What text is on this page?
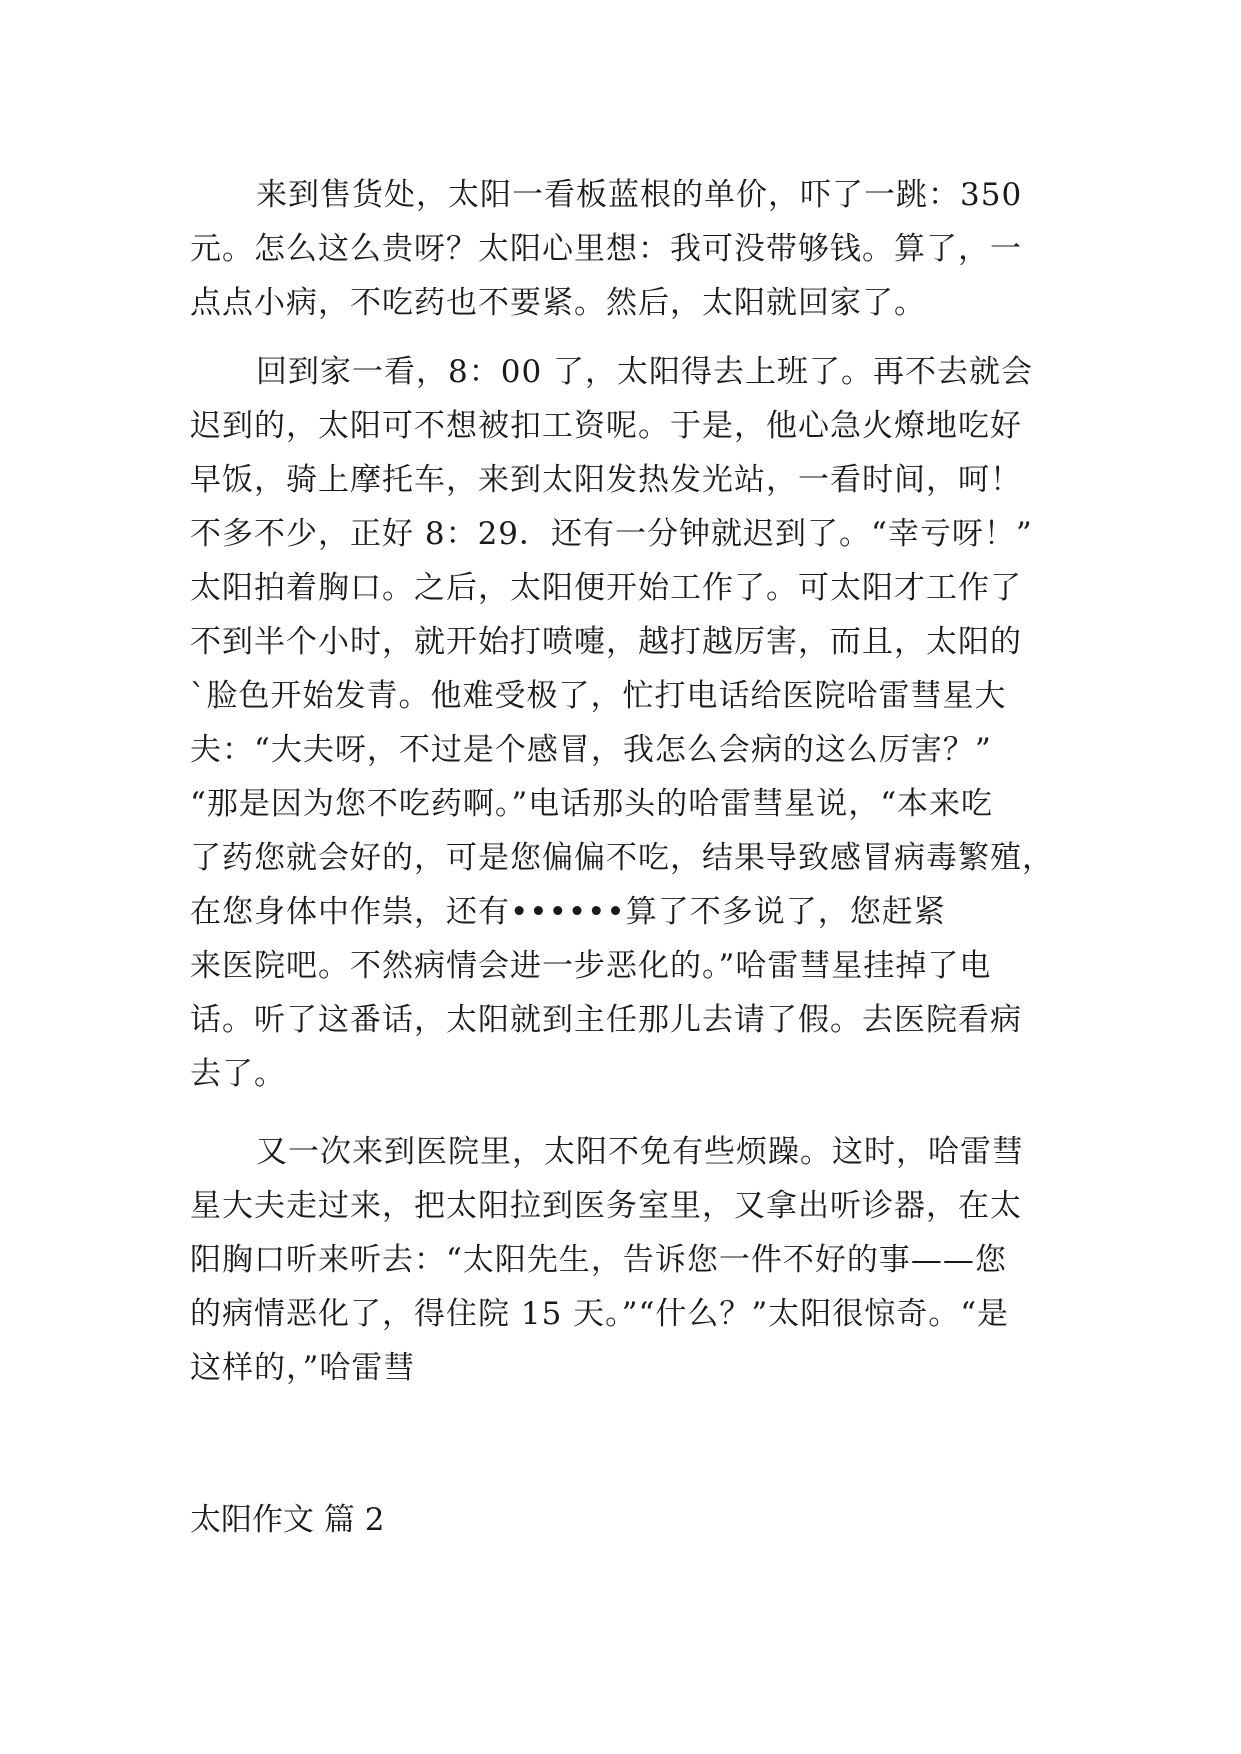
来到售货处，太阳一看板蓝根的单价，吓了一跳：350
元。怎么这么贵呀？太阳心里想：我可没带够钱。算了，一
点点小病，不吃药也不要紧。然后，太阳就回家了。
回到家一看，8：00 了，太阳得去上班了。再不去就会
迟到的，太阳可不想被扣工资呢。于是，他心急火燎地吃好
早饭，骑上摩托车，来到太阳发热发光站，一看时间，呵！
不多不少，正好 8：29．还有一分钟就迟到了。“幸亏呀！”
太阳拍着胸口。之后，太阳便开始工作了。可太阳才工作了
不到半个小时，就开始打喷嚏，越打越厉害，而且，太阳的
`脸色开始发青。他难受极了，忙打电话给医院哈雷彗星大
夫：“大夫呀，不过是个感冒，我怎么会病的这么厉害？”
“那是因为您不吃药啊。”电话那头的哈雷彗星说，“本来吃
了药您就会好的，可是您偏偏不吃，结果导致感冒病毒繁殖，
在您身体中作祟，还有••••••算了不多说了，您赶紧
来医院吧。不然病情会进一步恶化的。”哈雷彗星挂掉了电
话。听了这番话，太阳就到主任那儿去请了假。去医院看病
去了。
又一次来到医院里，太阳不免有些烦躁。这时，哈雷彗
星大夫走过来，把太阳拉到医务室里，又拿出听诊器，在太
阳胸口听来听去：“太阳先生，告诉您一件不好的事——您
的病情恶化了，得住院 15 天。”“什么？”太阳很惊奇。“是
这样的，”哈雷彗
太阳作文 篇 2
